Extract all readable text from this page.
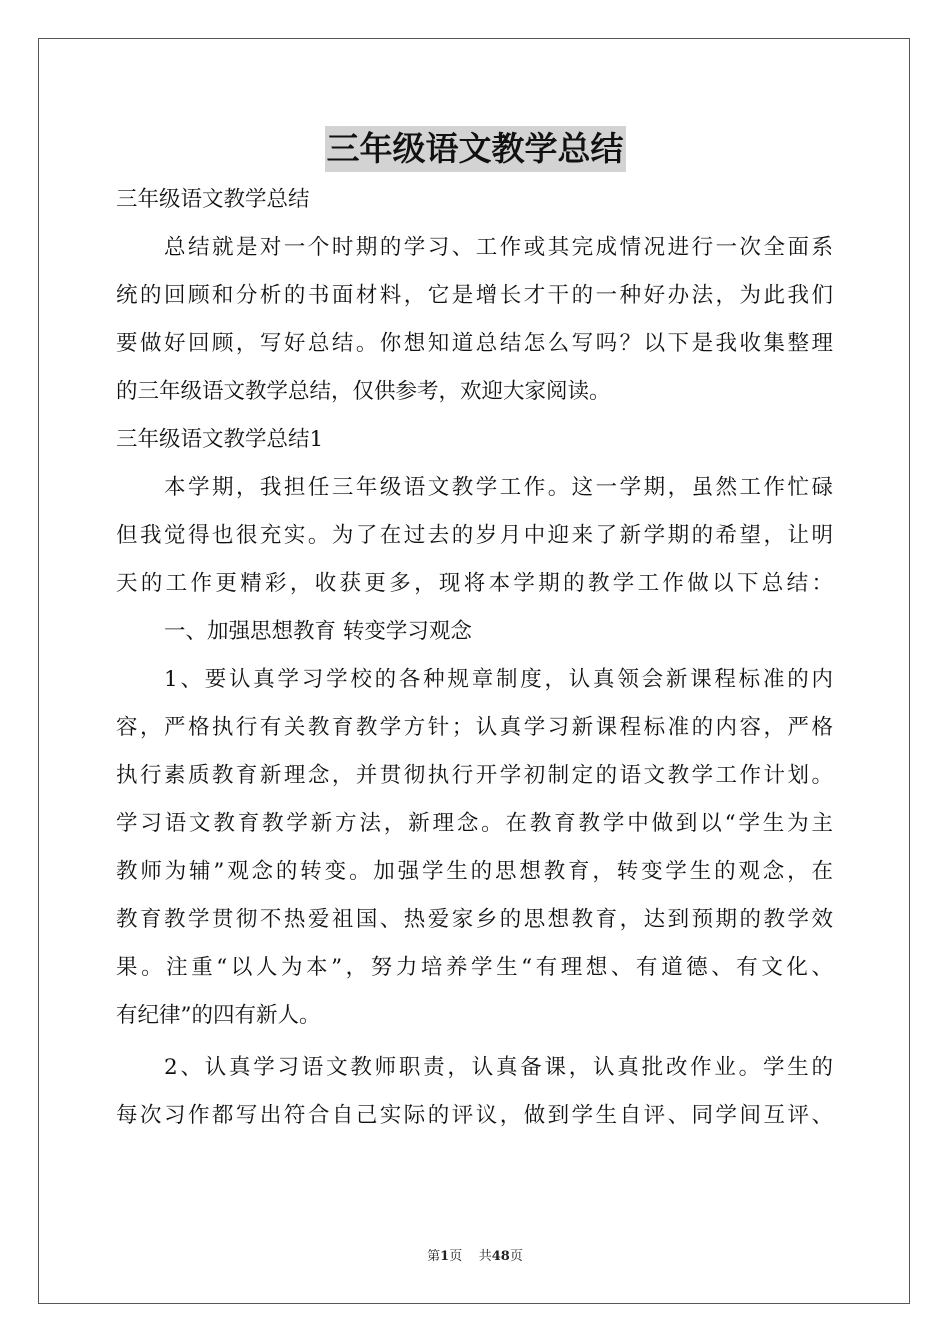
三年级语文教学总结
三年级语文教学总结
总结就是对一个时期的学习、工作或其完成情况进行一次全面系
统的回顾和分析的书面材料，它是增长才干的一种好办法，为此我们
要做好回顾，写好总结。你想知道总结怎么写吗？以下是我收集整理
的三年级语文教学总结，仅供参考，欢迎大家阅读。
三年级语文教学总结1
本学期，我担任三年级语文教学工作。这一学期，虽然工作忙碌
但我觉得也很充实。为了在过去的岁月中迎来了新学期的希望，让明
天的工作更精彩，收获更多，现将本学期的教学工作做以下总结：
一、加强思想教育 转变学习观念
1、要认真学习学校的各种规章制度，认真领会新课程标准的内
容，严格执行有关教育教学方针；认真学习新课程标准的内容，严格
执行素质教育新理念，并贯彻执行开学初制定的语文教学工作计划。
学习语文教育教学新方法，新理念。在教育教学中做到以“学生为主
教师为辅”观念的转变。加强学生的思想教育，转变学生的观念，在
教育教学贯彻不热爱祖国、热爱家乡的思想教育，达到预期的教学效
果。注重“以人为本”，努力培养学生“有理想、有道德、有文化、
有纪律”的四有新人。
2、认真学习语文教师职责，认真备课，认真批改作业。学生的
每次习作都写出符合自己实际的评议，做到学生自评、同学间互评、
第1页 共48页
